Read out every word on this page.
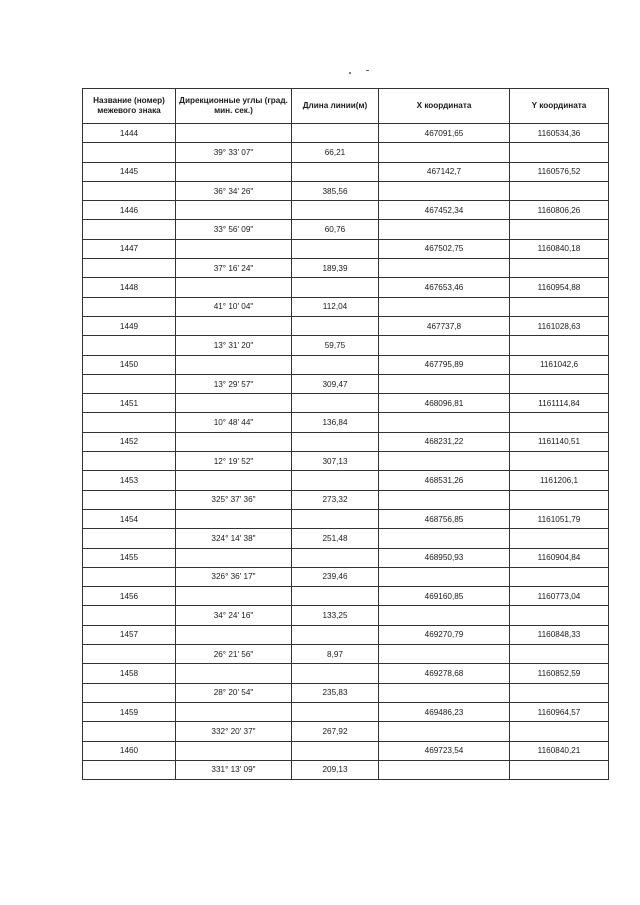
Название (номер) межевого знака	Дирекционные углы (град. мин. сек.)	Длина линии(м)	X координата	Y координата
1444			467091,65	1160534,36
	39° 33' 07"	66,21		
1445			467142,7	1160576,52
	36° 34' 26"	385,56		
1446			467452,34	1160806,26
	33° 56' 09"	60,76		
1447			467502,75	1160840,18
	37° 16' 24"	189,39		
1448			467653,46	1160954,88
	41° 10' 04"	112,04		
1449			467737,8	1161028,63
	13° 31' 20"	59,75		
1450			467795,89	1161042,6
	13° 29' 57"	309,47		
1451			468096,81	1161114,84
	10° 48' 44"	136,84		
1452			468231,22	1161140,51
	12° 19' 52"	307,13		
1453			468531,26	1161206,1
	325° 37' 36"	273,32		
1454			468756,85	1161051,79
	324° 14' 38"	251,48		
1455			468950,93	1160904,84
	326° 36' 17"	239,46		
1456			469160,85	1160773,04
	34° 24' 16"	133,25		
1457			469270,79	1160848,33
	26° 21' 56"	8,97		
1458			469278,68	1160852,59
	28° 20' 54"	235,83		
1459			469486,23	1160964,57
	332° 20' 37"	267,92		
1460			469723,54	1160840,21
	331° 13' 09"	209,13		
